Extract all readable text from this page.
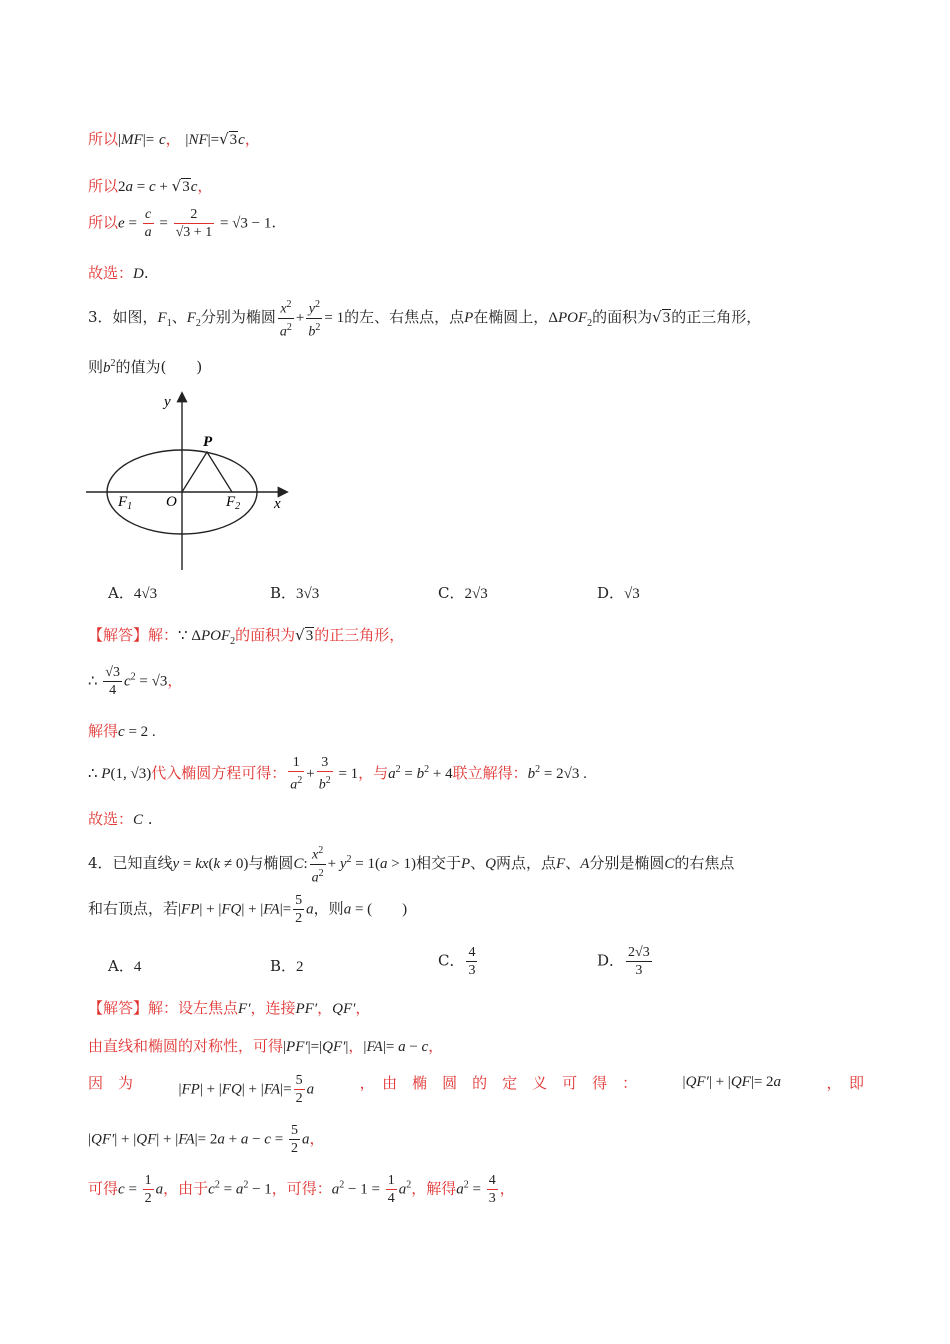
所以|MF|= c， |NF|=√3c，
所以2a = c + √3c，
所以$e = \frac{c}{a} = \frac{2}{√3 + 1} = √3 - 1$.
故选：D.
3．如图，$F_1$、$F_2$分别为椭圆 $\frac{x^2}{a^2} + \frac{y^2}{b^2} = 1$的左、右焦点，点P在椭圆上，$\Delta POF_2$的面积为√3的正三角形，
则$b^2$的值为(　　)
y
x
P
O
$F_1$	$F_2$
A．4√3	B．3√3	C．2√3	D．√3
【解答】解：∵ $\Delta POF_2$的面积为√3的正三角形，
∴ $\frac{√3}{4} c^2 = √3$，
解得c = 2 .
∴ P(1, √3)代入椭圆方程可得： $\frac{1}{a^2} + \frac{3}{b^2} = 1$，与$a^2 = b^2 + 4$联立解得：$b^2 = 2√3$ .
故选：C .
4．已知直线y = kx(k ≠ 0)与椭圆C: $\frac{x^2}{a^2} + y^2 = 1(a > 1)$相交于P、Q两点，点F、A分别是椭圆C的右焦点
和右顶点，若$|FP| + |FQ| + |FA|= \frac{5}{2}$ a，则a = (　　)
A．4	B．2	C． $\frac{4}{3}$	D． $\frac{2√3}{3}$
【解答】解：设左焦点F′，连接PF′，QF′，
由直线和椭圆的对称性，可得|PF′|=|QF′|，|FA|= a − c，
因　为	$|FP| + |FQ| + |FA|= \frac{5}{2}$ a	，　由　椭　圆　的　定　义　可　得　：	|QF′| + |QF|= 2a	，　即
$|QF'| + |QF| + |FA|= 2a + a - c = \frac{5}{2}$ a，
可得$c = \frac{1}{2}$ a，由于$c^2 = a^2 - 1$，可得：$a^2 - 1 = \frac{1}{4} a^2$，解得$a^2 = \frac{4}{3}$ ，
